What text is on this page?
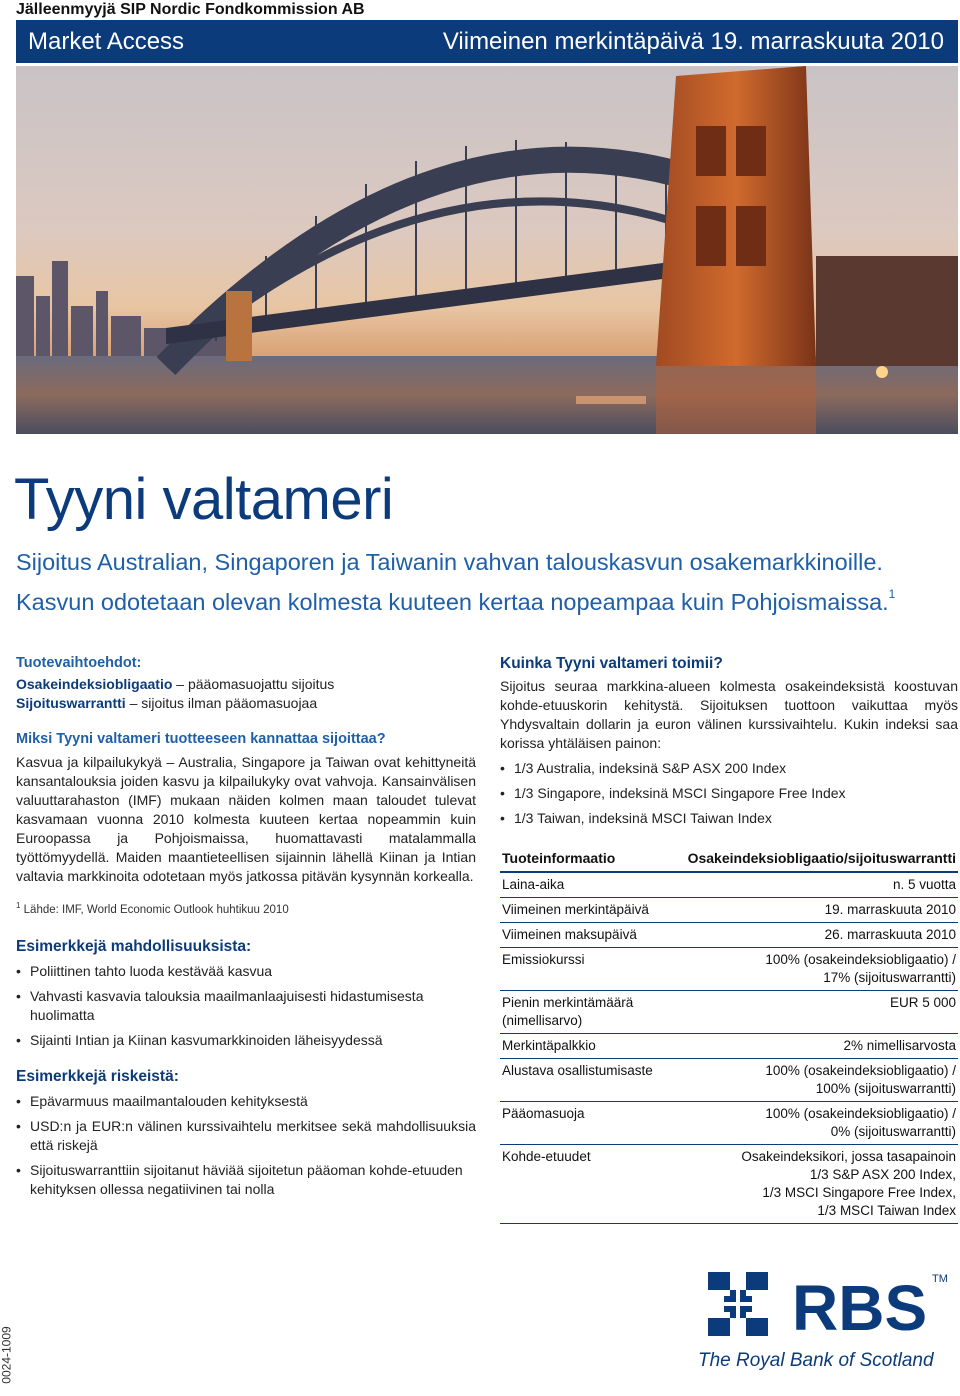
Jälleenmyyjä SIP Nordic Fondkommission AB
Market Access	Viimeinen merkintäpäivä 19. marraskuuta 2010
Tyyni valtameri
Sijoitus Australian, Singaporen ja Taiwanin vahvan talouskasvun osakemarkkinoille.
Kasvun odotetaan olevan kolmesta kuuteen kertaa nopeampaa kuin Pohjoismaissa.$^1$
Tuotevaihtoehdot:

Osakeindeksiobligaatio – pääomasuojattu sijoitus

Sijoituswarrantti – sijoitus ilman pääomasuojaa

Miksi Tyyni valtameri tuotteeseen kannattaa sijoittaa?

Kasvua ja kilpailukykyä – Australia, Singapore ja Taiwan ovat kehittyneitä kansantalouksia joiden kasvu ja kilpailukyky ovat vahvoja. Kansainvälisen valuuttarahaston (IMF) mukaan näiden kolmen maan taloudet tulevat kasvamaan vuonna 2010 kolmesta kuuteen kertaa nopeammin kuin Euroopassa ja Pohjoismaissa, huomattavasti matalammalla työttömyydellä. Maiden maantieteellisen sijainnin lähellä Kiinan ja Intian valtavia markkinoita odotetaan myös jatkossa pitävän kysynnän korkealla.

$^1$ Lähde: IMF, World Economic Outlook huhtikuu 2010

Esimerkkejä mahdollisuuksista:
• Poliittinen tahto luoda kestävää kasvua
• Vahvasti kasvavia talouksia maailmanlaajuisesti hidastumisesta huolimatta
• Sijainti Intian ja Kiinan kasvumarkkinoiden läheisyydessä
Esimerkkejä riskeistä:
• Epävarmuus maailmantalouden kehityksestä
• USD:n ja EUR:n välinen kurssivaihtelu merkitsee sekä mahdollisuuksia että riskejä
• Sijoituswarranttiin sijoitanut häviää sijoitetun pääoman kohde-etuuden kehityksen ollessa negatiivinen tai nolla
Kuinka Tyyni valtameri toimii?

Sijoitus seuraa markkina-alueen kolmesta osakeindeksistä koostuvan kohde-etuuskorin kehitystä. Sijoituksen tuottoon vaikuttaa myös Yhdysvaltain dollarin ja euron välinen kurssivaihtelu. Kukin indeksi saa korissa yhtäläisen painon:

• 1/3 Australia, indeksinä S&P ASX 200 Index
• 1/3 Singapore, indeksinä MSCI Singapore Free Index
• 1/3 Taiwan, indeksinä MSCI Taiwan Index
Tuoteinformaatio	Osakeindeksiobligaatio/sijoituswarrantti
Laina-aika	n. 5 vuotta
Viimeinen merkintäpäivä	19. marraskuuta 2010
Viimeinen maksupäivä	26. marraskuuta 2010
Emissiokurssi	100% (osakeindeksiobligaatio) /
17% (sijoituswarrantti)

Pienin merkintämäärä (nimellisarvo)	EUR 5 000
Merkintäpalkkio	2% nimellisarvosta
Alustava osallistumisaste	100% (osakeindeksiobligaatio) /
100% (sijoituswarrantti)

Pääomasuoja	100% (osakeindeksiobligaatio) /
0% (sijoituswarrantti)

Kohde-etuudet	Osakeindeksikori, jossa tasapainoin
1/3 S&P ASX 200 Index,
1/3 MSCI Singapore Free Index,
1/3 MSCI Taiwan Index
RBS TM
The Royal Bank of Scotland
0024-1009
